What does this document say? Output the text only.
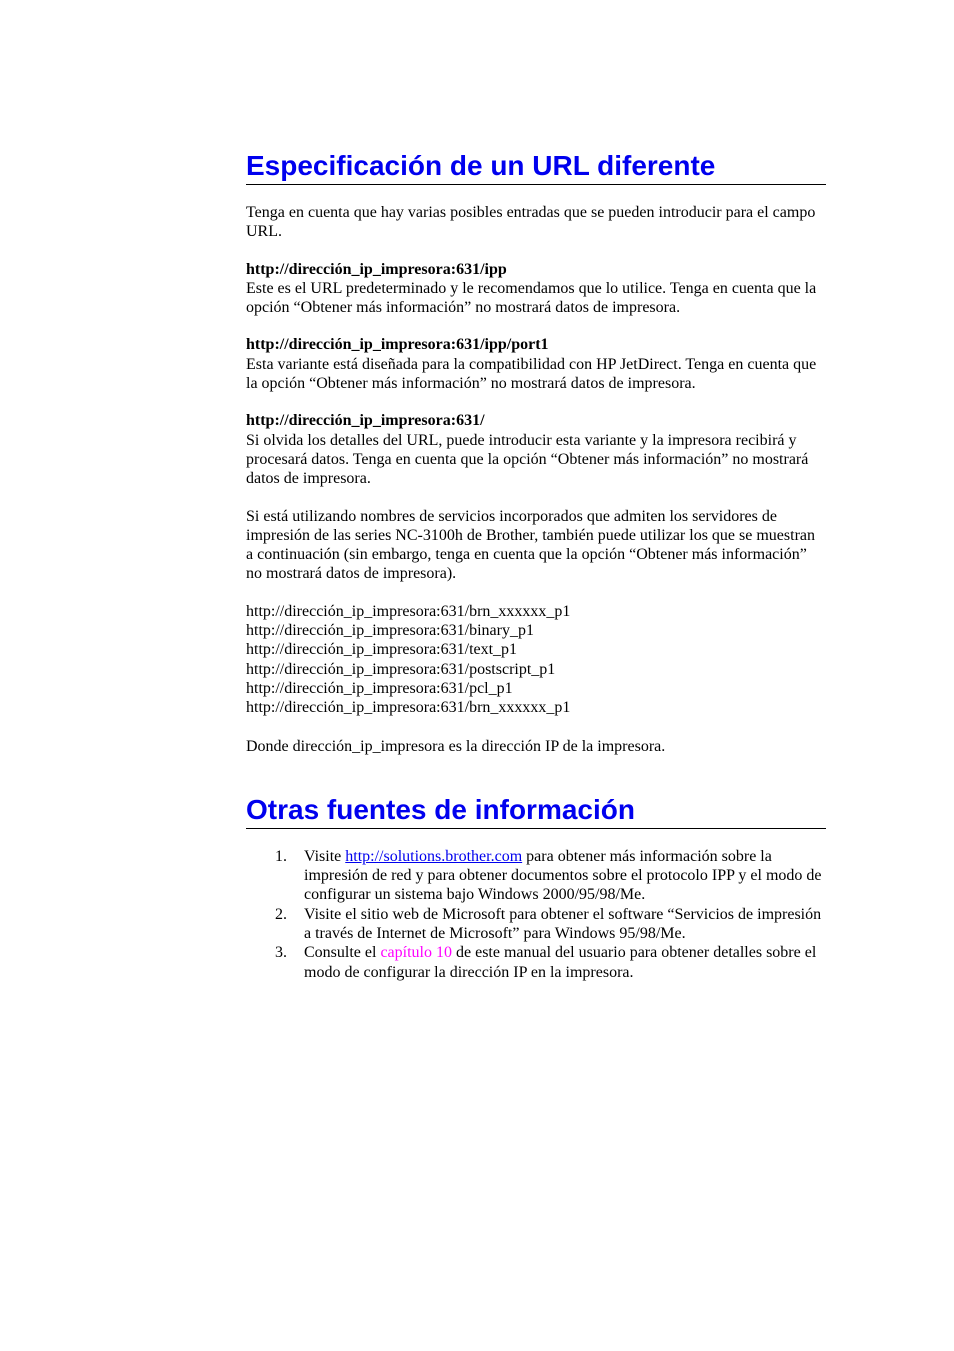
Especificación de un URL diferente

Tenga en cuenta que hay varias posibles entradas que se pueden introducir para el campo URL.

http://dirección_ip_impresora:631/ipp

Este es el URL predeterminado y le recomendamos que lo utilice. Tenga en cuenta que la opción “Obtener más información” no mostrará datos de impresora.

http://dirección_ip_impresora:631/ipp/port1

Esta variante está diseñada para la compatibilidad con HP JetDirect. Tenga en cuenta que la opción “Obtener más información” no mostrará datos de impresora.

http://dirección_ip_impresora:631/

Si olvida los detalles del URL, puede introducir esta variante y la impresora recibirá y procesará datos. Tenga en cuenta que la opción “Obtener más información” no mostrará datos de impresora.

Si está utilizando nombres de servicios incorporados que admiten los servidores de impresión de las series NC-3100h de Brother, también puede utilizar los que se muestran a continuación (sin embargo, tenga en cuenta que la opción “Obtener más información” no mostrará datos de impresora).

http://dirección_ip_impresora:631/brn_xxxxxx_p1

http://dirección_ip_impresora:631/binary_p1

http://dirección_ip_impresora:631/text_p1

http://dirección_ip_impresora:631/postscript_p1

http://dirección_ip_impresora:631/pcl_p1

http://dirección_ip_impresora:631/brn_xxxxxx_p1

Donde dirección_ip_impresora es la dirección IP de la impresora.

Otras fuentes de información
1. Visite http://solutions.brother.com para obtener más información sobre la impresión de red y para obtener documentos sobre el protocolo IPP y el modo de configurar un sistema bajo Windows 2000/95/98/Me.
2. Visite el sitio web de Microsoft para obtener el software “Servicios de impresión a través de Internet de Microsoft” para Windows 95/98/Me.
3. Consulte el capítulo 10 de este manual del usuario para obtener detalles sobre el modo de configurar la dirección IP en la impresora.
